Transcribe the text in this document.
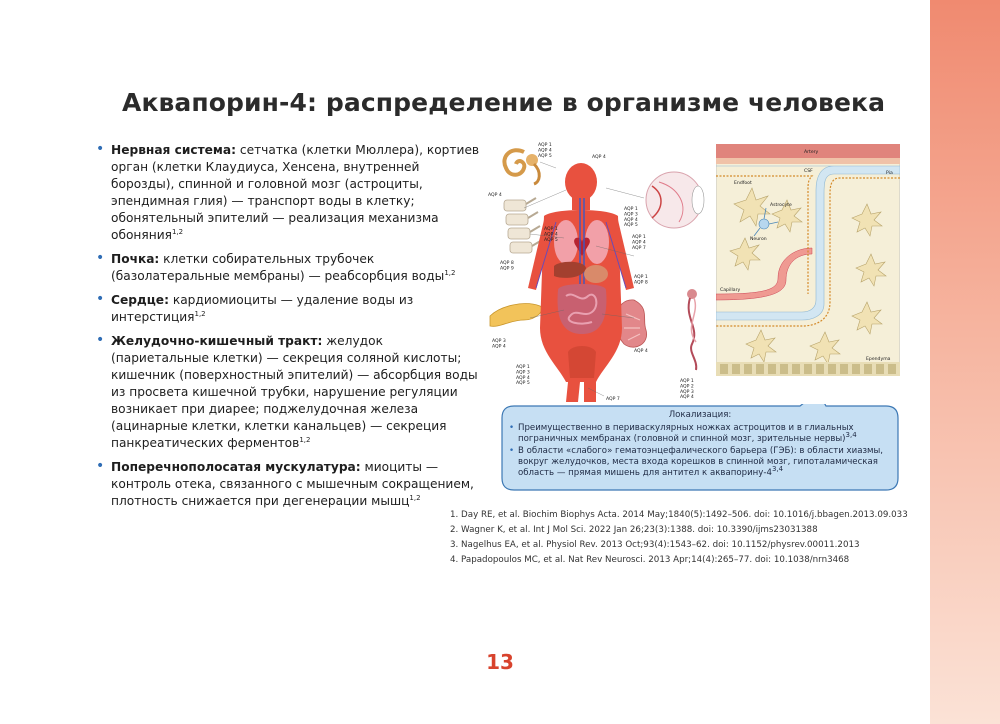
Аквапорин-4: распределение в организме человека
• Нервная система: сетчатка (клетки Мюллера), кортиев орган (клетки Клаудиуса, Хенсена, внутренней борозды), спинной и головной мозг (астроциты, эпендимная глия) — транспорт воды в клетку; обонятельный эпителий — реализация механизма обоняния$^{1,2}$
• Почка: клетки собирательных трубочек (базолатеральные мембраны) — реабсорбция воды$^{1,2}$
• Сердце: кардиомиоциты — удаление воды из интерстиция$^{1,2}$
• Желудочно-кишечный тракт: желудок (париетальные клетки) — секреция соляной кислоты; кишечник (поверхностный эпителий) — абсорбция воды из просвета кишечной трубки, нарушение регуляции возникает при диарее; поджелудочная железа (ацинарные клетки, клетки канальцев) — секреция панкреатических ферментов$^{1,2}$
• Поперечнополосатая мускулатура: миоциты — контроль отека, связанного с мышечным сокращением, плотность снижается при дегенерации мышц$^{1,2}$
AQP 1 AQP 4 AQP 5	AQP 4
AQP 4
AQP 1 AQP 4 AQP 5
AQP 1 AQP 3 AQP 4 AQP 5
AQP 1 AQP 4 AQP 7
AQP 8 AQP 9
AQP 1 AQP 8
AQP 3 AQP 4
AQP 1 AQP 2 AQP 3 AQP 4
AQP 1 AQP 3 AQP 4 AQP 5
AQP 4
AQP 7
Artery
CSF	Pia
Endfoot
Astrocyte
Neuron
Capillary
Ependyma
Локализация:
• Преимущественно в периваскулярных ножках астроцитов и в глиальных пограничных мембранах (головной и спинной мозг, зрительные нервы)$^{3,4}$
• В области «слабого» гематоэнцефалического барьера (ГЭБ): в области хиазмы, вокруг желудочков, места входа корешков в спинной мозг, гипоталамическая область — прямая мишень для антител к аквапорину-4$^{3,4}$
1. Day RE, et al. Biochim Biophys Acta. 2014 May;1840(5):1492–506. doi: 10.1016/j.bbagen.2013.09.033
2. Wagner K, et al. Int J Mol Sci. 2022 Jan 26;23(3):1388. doi: 10.3390/ijms23031388
3. Nagelhus EA, et al. Physiol Rev. 2013 Oct;93(4):1543–62. doi: 10.1152/physrev.00011.2013
4. Papadopoulos MC, et al. Nat Rev Neurosci. 2013 Apr;14(4):265–77. doi: 10.1038/nrn3468
13
